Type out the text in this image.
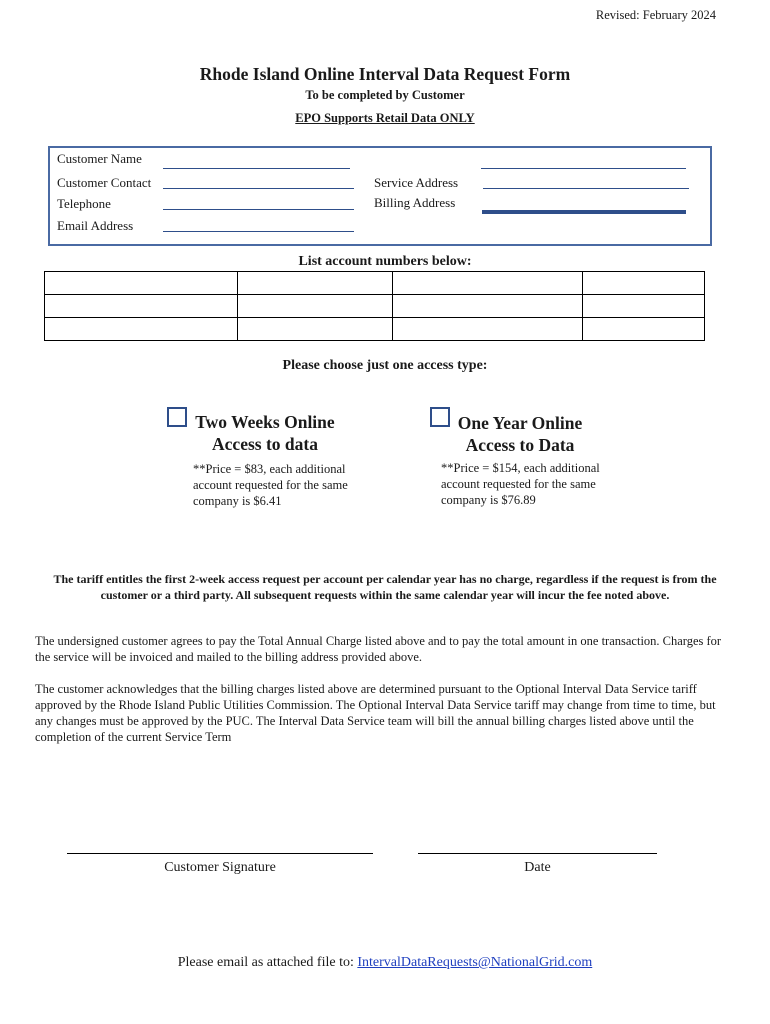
Revised: February 2024
Rhode Island Online Interval Data Request Form
To be completed by Customer
EPO Supports Retail Data ONLY
Customer Name
Customer Contact	Service Address
Telephone	Billing Address
Email Address
List account numbers below:

Please choose just one access type:
Two Weeks Online
Access to data
**Price = $83, each additional
account requested for the same
company is $6.41
One Year Online
Access to Data
**Price = $154, each additional
account requested for the same
company is $76.89
The tariff entitles the first 2-week access request per account per calendar year has no charge, regardless if the request is from the customer or a third party. All subsequent requests within the same calendar year will incur the fee noted above.
The undersigned customer agrees to pay the Total Annual Charge listed above and to pay the total amount in one transaction. Charges for the service will be invoiced and mailed to the billing address provided above.
The customer acknowledges that the billing charges listed above are determined pursuant to the Optional Interval Data Service tariff approved by the Rhode Island Public Utilities Commission. The Optional Interval Data Service tariff may change from time to time, but any changes must be approved by the PUC. The Interval Data Service team will bill the annual billing charges listed above until the completion of the current Service Term
Customer Signature	Date
Please email as attached file to: IntervalDataRequests@NationalGrid.com
